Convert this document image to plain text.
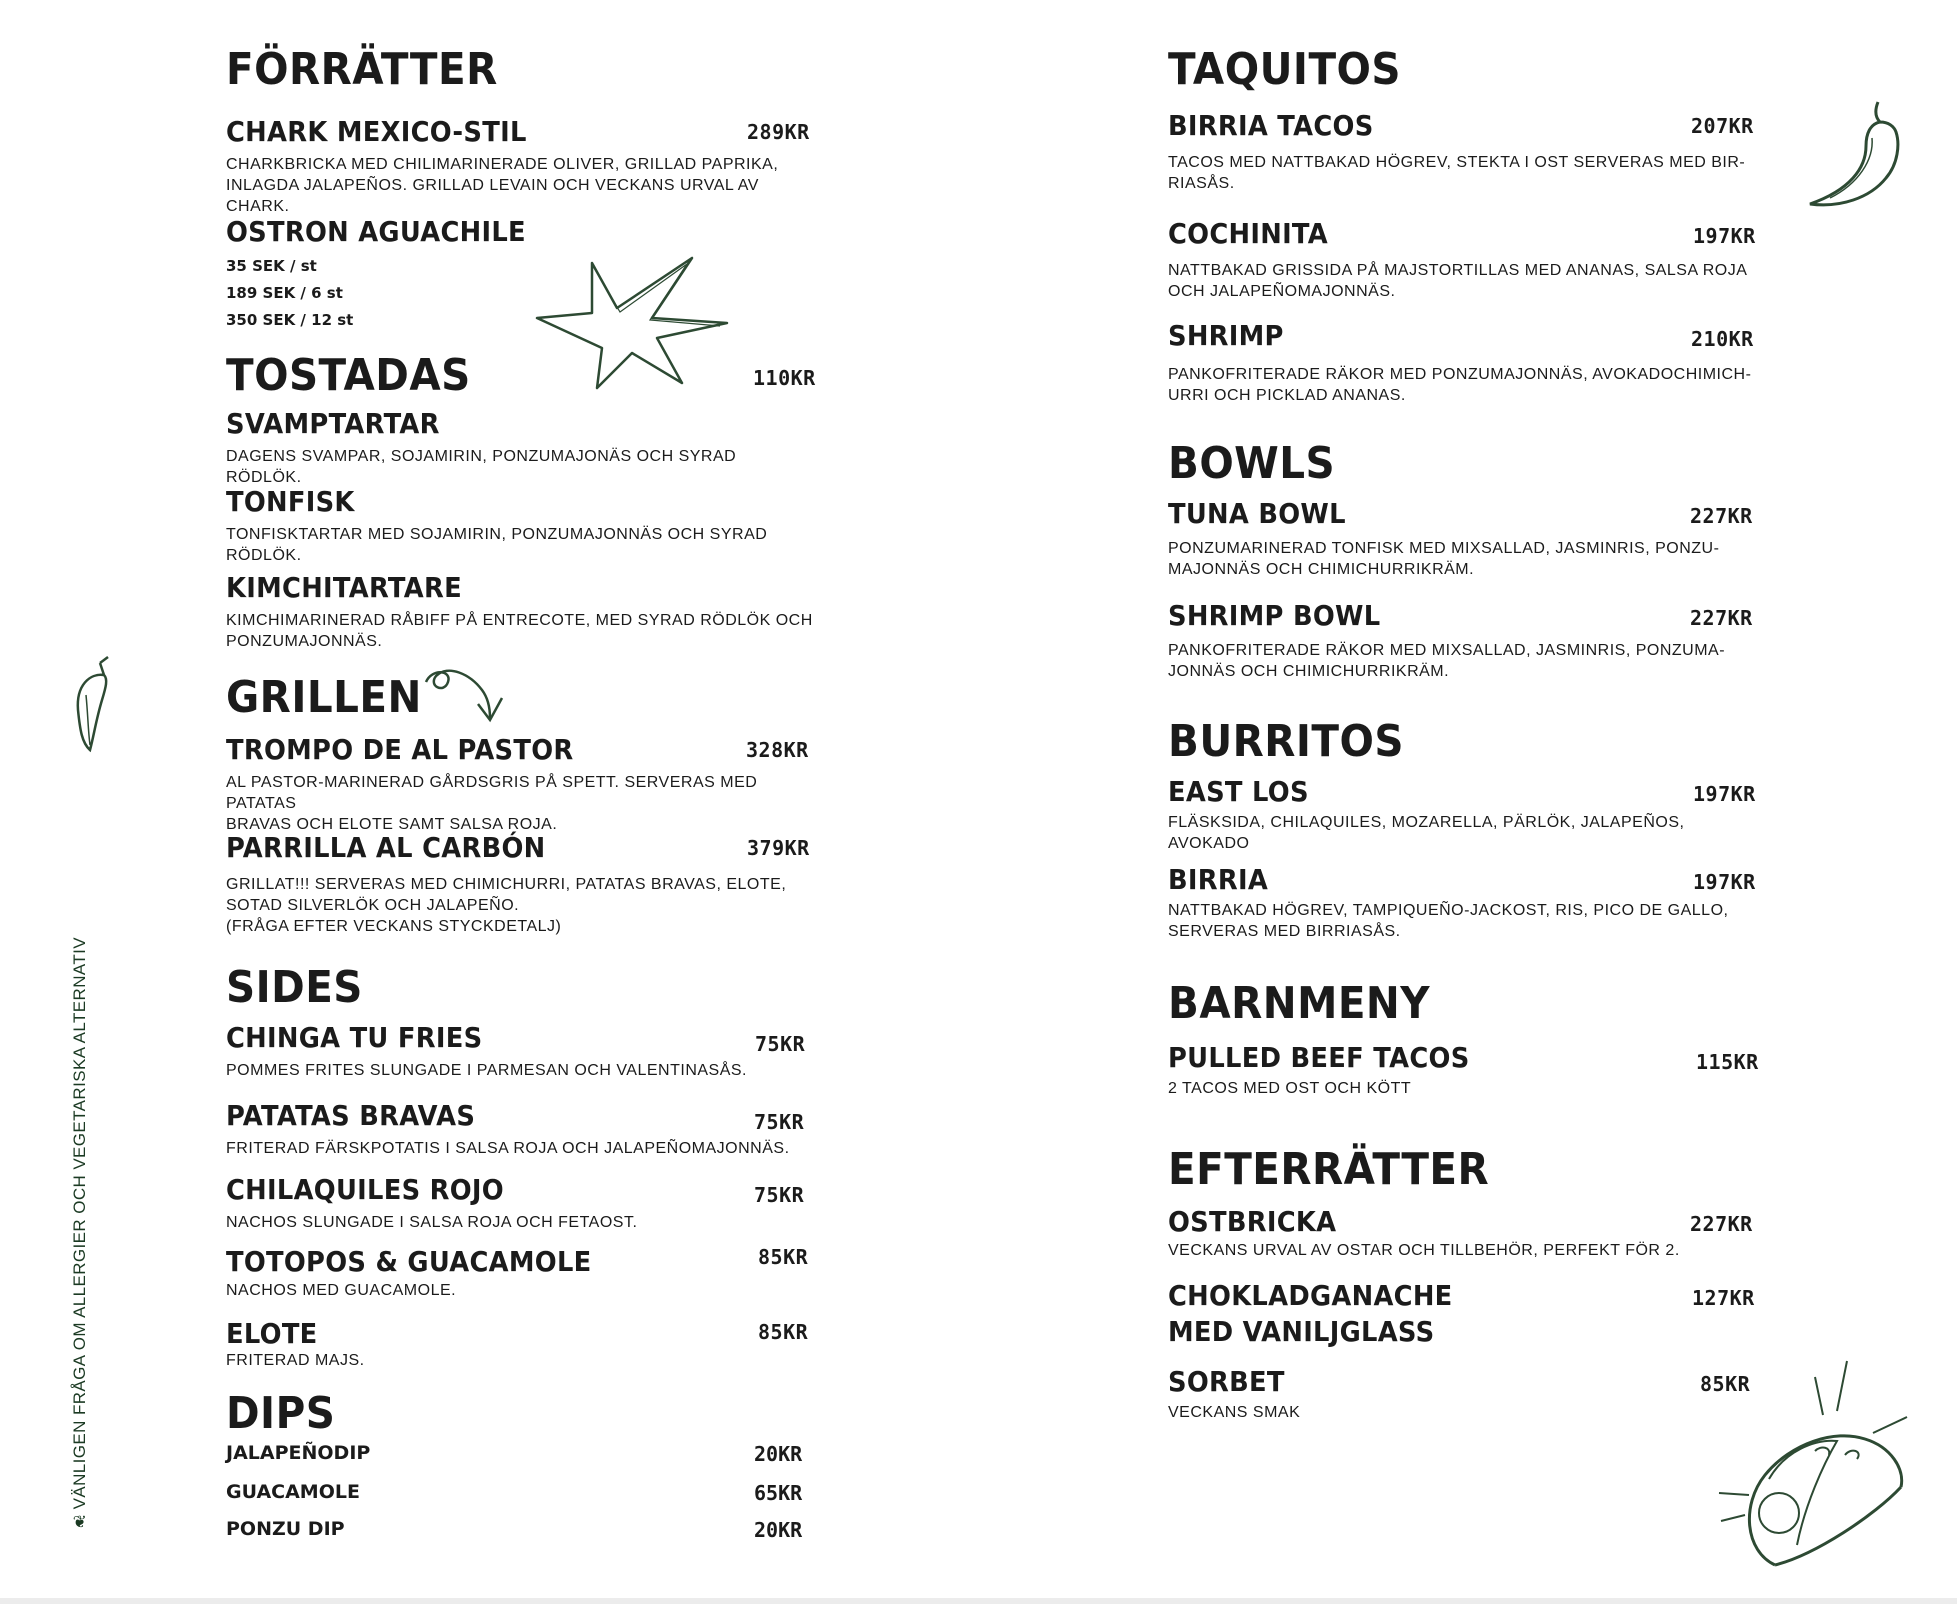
❦VÄNLIGEN FRÅGA OM ALLERGIER OCH VEGETARISKA ALTERNATIV
FÖRRÄTTER
CHARK MEXICO-STIL	289KR
CHARKBRICKA MED CHILIMARINERADE OLIVER, GRILLAD PAPRIKA,
INLAGDA JALAPEÑOS. GRILLAD LEVAIN OCH VECKANS URVAL AV CHARK.
OSTRON AGUACHILE
35 SEK / st
189 SEK / 6 st
350 SEK / 12 st
TOSTADAS	110KR
SVAMPTARTAR
DAGENS SVAMPAR, SOJAMIRIN, PONZUMAJONÄS OCH SYRAD RÖDLÖK.
TONFISK
TONFISKTARTAR MED SOJAMIRIN, PONZUMAJONNÄS OCH SYRAD
RÖDLÖK.
KIMCHITARTARE
KIMCHIMARINERAD RÅBIFF PÅ ENTRECOTE, MED SYRAD RÖDLÖK OCH
PONZUMAJONNÄS.
GRILLEN
TROMPO DE AL PASTOR	328KR
AL PASTOR-MARINERAD GÅRDSGRIS PÅ SPETT. SERVERAS MED PATATAS
BRAVAS OCH ELOTE SAMT SALSA ROJA.
PARRILLA AL CARBÓN	379KR
GRILLAT!!! SERVERAS MED CHIMICHURRI, PATATAS BRAVAS, ELOTE,
SOTAD SILVERLÖK OCH JALAPEÑO.
(FRÅGA EFTER VECKANS STYCKDETALJ)
SIDES
CHINGA TU FRIES	75KR
POMMES FRITES SLUNGADE I PARMESAN OCH VALENTINASÅS.
PATATAS BRAVAS	75KR
FRITERAD FÄRSKPOTATIS I SALSA ROJA OCH JALAPEÑOMAJONNÄS.
CHILAQUILES ROJO	75KR
NACHOS SLUNGADE I SALSA ROJA OCH FETAOST.
TOTOPOS & GUACAMOLE	85KR
NACHOS MED GUACAMOLE.
ELOTE	85KR
FRITERAD MAJS.
DIPS
JALAPEÑODIP	20KR
GUACAMOLE	65KR
PONZU DIP	20KR
TAQUITOS
BIRRIA TACOS	207KR
TACOS MED NATTBAKAD HÖGREV, STEKTA I OST SERVERAS MED BIR-
RIASÅS.
COCHINITA	197KR
NATTBAKAD GRISSIDA PÅ MAJSTORTILLAS MED ANANAS, SALSA ROJA
OCH JALAPEÑOMAJONNÄS.
SHRIMP	210KR
PANKOFRITERADE RÄKOR MED PONZUMAJONNÄS, AVOKADOCHIMICH-
URRI OCH PICKLAD ANANAS.
BOWLS
TUNA BOWL	227KR
PONZUMARINERAD TONFISK MED MIXSALLAD, JASMINRIS, PONZU-
MAJONNÄS OCH CHIMICHURRIKRÄM.
SHRIMP BOWL	227KR
PANKOFRITERADE RÄKOR MED MIXSALLAD, JASMINRIS, PONZUMA-
JONNÄS OCH CHIMICHURRIKRÄM.
BURRITOS
EAST LOS	197KR
FLÄSKSIDA, CHILAQUILES, MOZARELLA, PÄRLÖK, JALAPEÑOS,
AVOKADO
BIRRIA	197KR
NATTBAKAD HÖGREV, TAMPIQUEÑO-JACKOST, RIS, PICO DE GALLO,
SERVERAS MED BIRRIASÅS.
BARNMENY
PULLED BEEF TACOS	115KR
2 TACOS MED OST OCH KÖTT
EFTERRÄTTER
OSTBRICKA	227KR
VECKANS URVAL AV OSTAR OCH TILLBEHÖR, PERFEKT FÖR 2.
CHOKLADGANACHE
MED VANILJGLASS
127KR
SORBET	85KR
VECKANS SMAK
